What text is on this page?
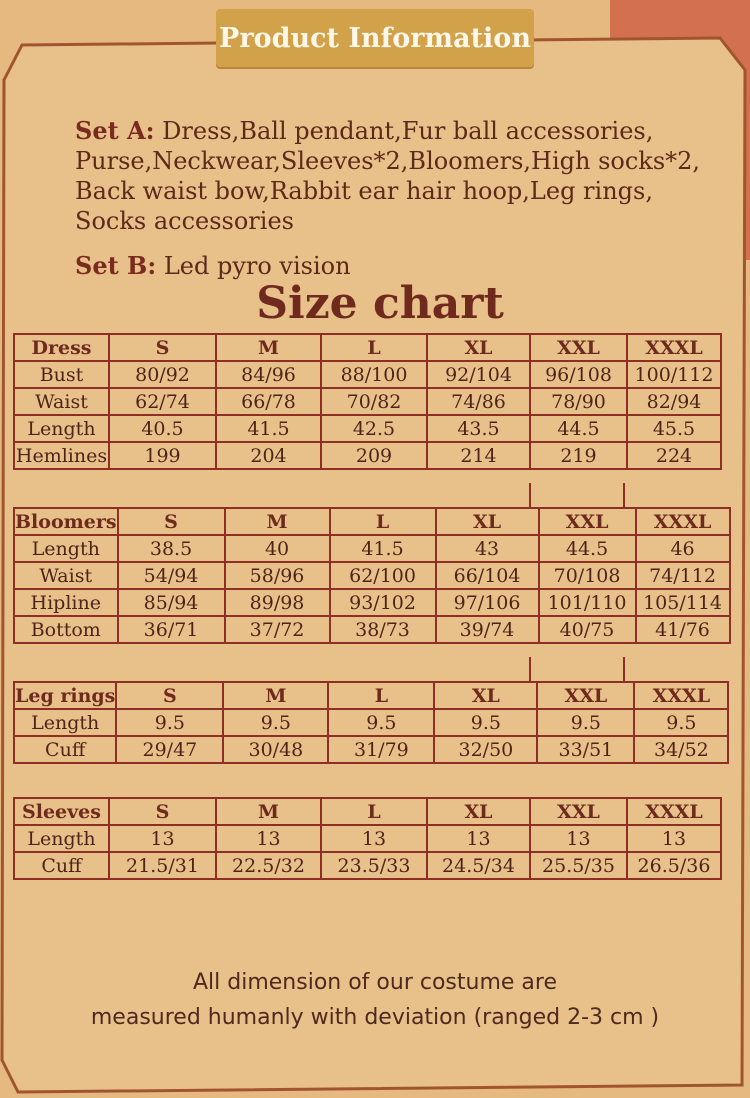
Product Information
Set A: Dress,Ball pendant,Fur ball accessories,
Purse,Neckwear,Sleeves*2,Bloomers,High socks*2,
Back waist bow,Rabbit ear hair hoop,Leg rings,
Socks accessories
Set B: Led pyro vision
Size chart
Dress	S	M	L	XL	XXL	XXXL
Bust	80/92	84/96	88/100	92/104	96/108	100/112
Waist	62/74	66/78	70/82	74/86	78/90	82/94
Length	40.5	41.5	42.5	43.5	44.5	45.5
Hemlines	199	204	209	214	219	224
Bloomers	S	M	L	XL	XXL	XXXL
Length	38.5	40	41.5	43	44.5	46
Waist	54/94	58/96	62/100	66/104	70/108	74/112
Hipline	85/94	89/98	93/102	97/106	101/110	105/114
Bottom	36/71	37/72	38/73	39/74	40/75	41/76
Leg rings	S	M	L	XL	XXL	XXXL
Length	9.5	9.5	9.5	9.5	9.5	9.5
Cuff	29/47	30/48	31/79	32/50	33/51	34/52
Sleeves	S	M	L	XL	XXL	XXXL
Length	13	13	13	13	13	13
Cuff	21.5/31	22.5/32	23.5/33	24.5/34	25.5/35	26.5/36
All dimension of our costume are
measured humanly with deviation (ranged 2-3 cm )
